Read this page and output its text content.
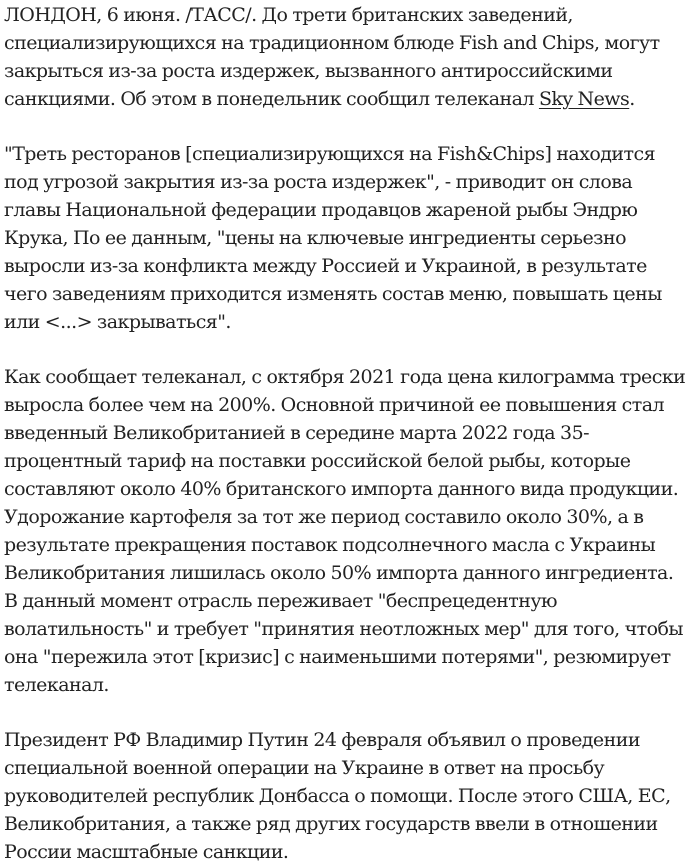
ЛОНДОН, 6 июня. /ТАСС/. До трети британских заведений, специализирующихся на традиционном блюде Fish and Chips, могут закрыться из-за роста издержек, вызванного антироссийскими санкциями. Об этом в понедельник сообщил телеканал Sky News.

"Треть ресторанов [специализирующихся на Fish&Chips] находится под угрозой закрытия из-за роста издержек", - приводит он слова главы Национальной федерации продавцов жареной рыбы Эндрю Крука, По ее данным, "цены на ключевые ингредиенты серьезно выросли из-за конфликта между Россией и Украиной, в результате чего заведениям приходится изменять состав меню, повышать цены или <...> закрываться".

Как сообщает телеканал, с октября 2021 года цена килограмма трески выросла более чем на 200%. Основной причиной ее повышения стал введенный Великобританией в середине марта 2022 года 35-процентный тариф на поставки российской белой рыбы, которые составляют около 40% британского импорта данного вида продукции. Удорожание картофеля за тот же период составило около 30%, а в результате прекращения поставок подсолнечного масла с Украины Великобритания лишилась около 50% импорта данного ингредиента. В данный момент отрасль переживает "беспрецедентную волатильность" и требует "принятия неотложных мер" для того, чтобы она "пережила этот [кризис] с наименьшими потерями", резюмирует телеканал.

Президент РФ Владимир Путин 24 февраля объявил о проведении специальной военной операции на Украине в ответ на просьбу руководителей республик Донбасса о помощи. После этого США, ЕС, Великобритания, а также ряд других государств ввели в отношении России масштабные санкции.
